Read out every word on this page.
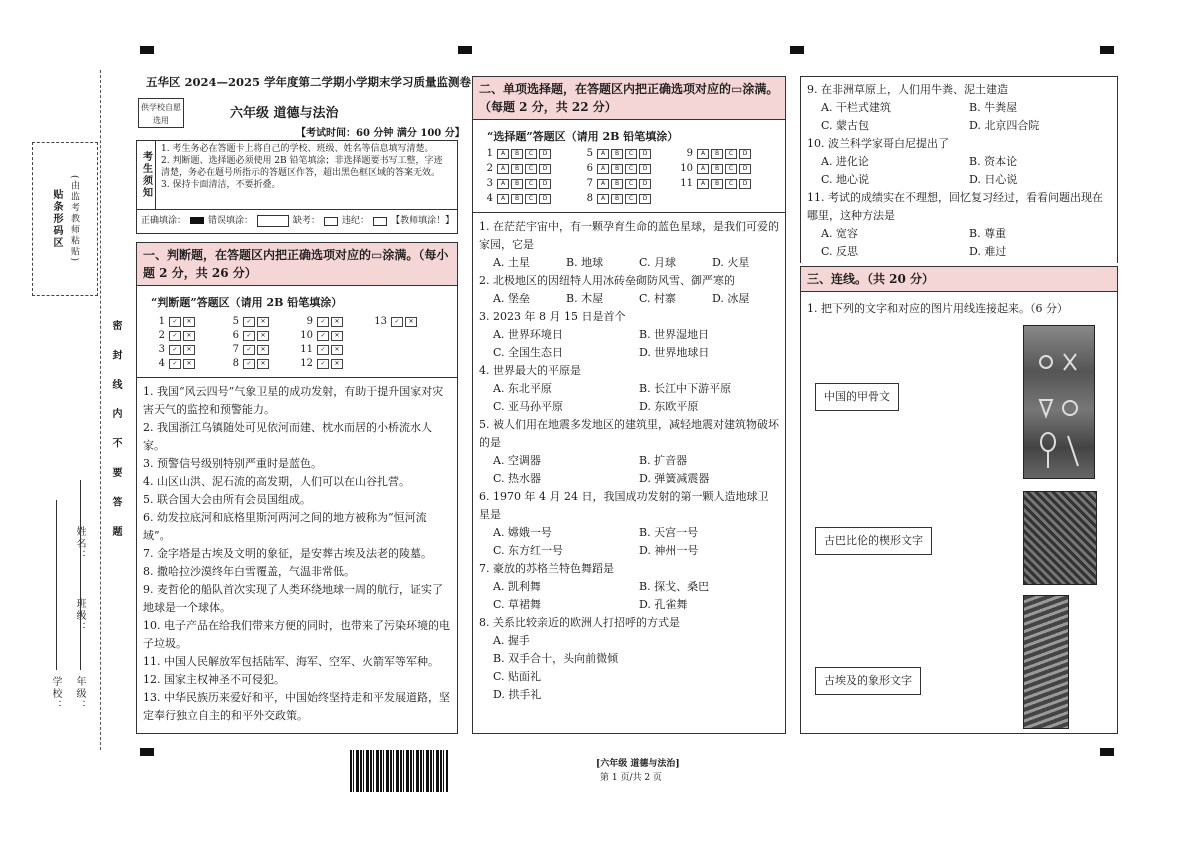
贴条形码区 (由监考教师粘贴)
密 封 线 内 不 要 答 题
学校： 年级：
班级：
姓名：
五华区 2024—2025 学年度第二学期小学期末学习质量监测卷
供学校自愿选用	六年级 道德与法治
【考试时间：60 分钟 满分 100 分】
考生须知
1. 考生务必在答题卡上将自己的学校、班级、姓名等信息填写清楚。
2. 判断题、选择题必须使用 2B 铅笔填涂；非选择题要书写工整，字迹清楚，务必在题号所指示的答题区作答，超出黑色框区域的答案无效。
3. 保持卡面清洁，不要折叠。
正确填涂： 错误填涂：	缺考： 违纪： 【教师填涂！】
一、判断题，在答题区内把正确选项对应的▭涂满。（每小题 2 分，共 26 分）
“判断题”答题区（请用 2B 铅笔填涂）
1	✓	✕	5	✓	✕	9	✓	✕	13	✓	✕
2	✓	✕	6	✓	✕	10	✓	✕
3	✓	✕	7	✓	✕	11	✓	✕
4	✓	✕	8	✓	✕	12	✓	✕
1. 我国“风云四号”气象卫星的成功发射，有助于提升国家对灾害天气的监控和预警能力。
2. 我国浙江乌镇随处可见依河而建、枕水而居的小桥流水人家。
3. 预警信号级别特别严重时是蓝色。
4. 山区山洪、泥石流的高发期，人们可以在山谷扎营。
5. 联合国大会由所有会员国组成。
6. 幼发拉底河和底格里斯河两河之间的地方被称为“恒河流域”。
7. 金字塔是古埃及文明的象征，是安葬古埃及法老的陵墓。
8. 撒哈拉沙漠终年白雪覆盖，气温非常低。
9. 麦哲伦的船队首次实现了人类环绕地球一周的航行，证实了地球是一个球体。
10. 电子产品在给我们带来方便的同时，也带来了污染环境的电子垃圾。
11. 中国人民解放军包括陆军、海军、空军、火箭军等军种。
12. 国家主权神圣不可侵犯。
13. 中华民族历来爱好和平，中国始终坚持走和平发展道路，坚定奉行独立自主的和平外交政策。
二、单项选择题，在答题区内把正确选项对应的▭涂满。（每题 2 分，共 22 分）
“选择题”答题区（请用 2B 铅笔填涂）
1	A	B	C	D	5	A	B	C	D	9	A	B	C	D
2	A	B	C	D	6	A	B	C	D	10	A	B	C	D
3	A	B	C	D	7	A	B	C	D	11	A	B	C	D
4	A	B	C	D	8	A	B	C	D
1. 在茫茫宇宙中，有一颗孕育生命的蓝色星球，是我们可爱的家园，它是
A. 土星	B. 地球	C. 月球	D. 火星
2. 北极地区的因纽特人用冰砖垒砌防风雪、御严寒的
A. 堡垒	B. 木屋	C. 村寨	D. 冰屋
3. 2023 年 8 月 15 日是首个
A. 世界环境日	B. 世界湿地日
C. 全国生态日	D. 世界地球日
4. 世界最大的平原是
A. 东北平原	B. 长江中下游平原
C. 亚马孙平原	D. 东欧平原
5. 被人们用在地震多发地区的建筑里，减轻地震对建筑物破坏的是
A. 空调器	B. 扩音器
C. 热水器	D. 弹簧减震器
6. 1970 年 4 月 24 日，我国成功发射的第一颗人造地球卫星是
A. 嫦娥一号	B. 天宫一号
C. 东方红一号	D. 神州一号
7. 豪放的苏格兰特色舞蹈是
A. 凯利舞	B. 探戈、桑巴
C. 草裙舞	D. 孔雀舞
8. 关系比较亲近的欧洲人打招呼的方式是
A. 握手
B. 双手合十，头向前微倾
C. 贴面礼
D. 拱手礼
9. 在非洲草原上，人们用牛粪、泥土建造
A. 干栏式建筑	B. 牛粪屋
C. 蒙古包	D. 北京四合院
10. 波兰科学家哥白尼提出了
A. 进化论	B. 资本论
C. 地心说	D. 日心说
11. 考试的成绩实在不理想，回忆复习经过，看看问题出现在哪里，这种方法是
A. 宽容	B. 尊重
C. 反思	D. 难过
三、连线。（共 20 分）
1. 把下列的文字和对应的图片用线连接起来。（6 分）
中国的甲骨文
古巴比伦的楔形文字
古埃及的象形文字
[六年级 道德与法治]
第 1 页/共 2 页
